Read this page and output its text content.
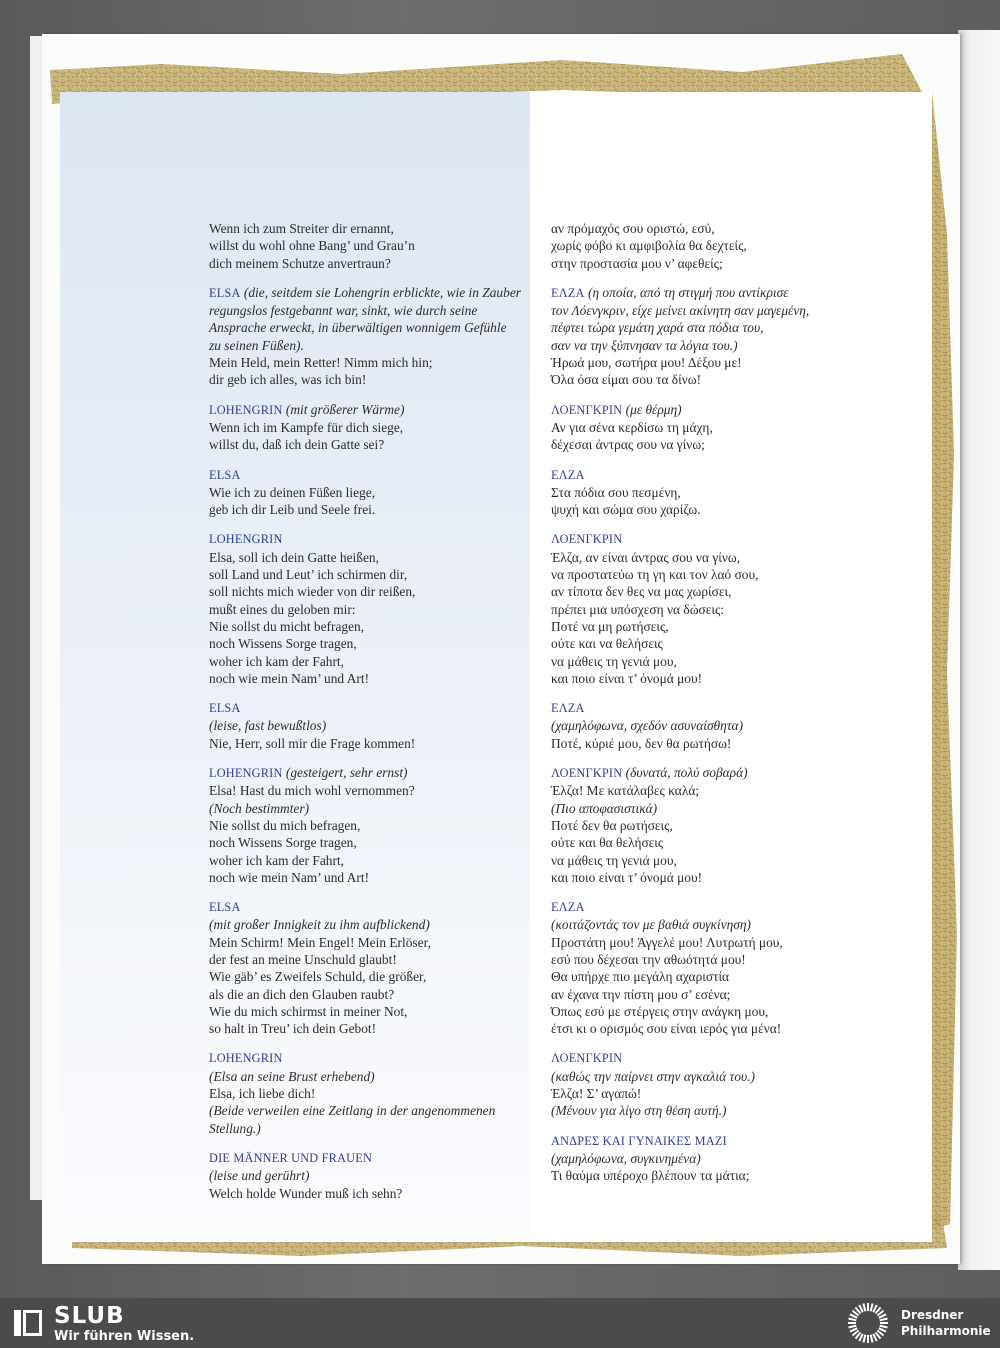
Wenn ich zum Streiter dir ernannt,
willst du wohl ohne Bang’ und Grau’n
dich meinem Schutze anvertraun?
ELSA (die, seitdem sie Lohengrin erblickte, wie in Zauber
regungslos festgebannt war, sinkt, wie durch seine
Ansprache erweckt, in überwältigen wonnigem Gefühle
zu seinen Füßen).
Mein Held, mein Retter! Nimm mich hin;
dir geb ich alles, was ich bin!
LOHENGRIN (mit größerer Wärme)
Wenn ich im Kampfe für dich siege,
willst du, daß ich dein Gatte sei?
ELSA
Wie ich zu deinen Füßen liege,
geb ich dir Leib und Seele frei.
LOHENGRIN
Elsa, soll ich dein Gatte heißen,
soll Land und Leut’ ich schirmen dir,
soll nichts mich wieder von dir reißen,
mußt eines du geloben mir:
Nie sollst du micht befragen,
noch Wissens Sorge tragen,
woher ich kam der Fahrt,
noch wie mein Nam’ und Art!
ELSA
(leise, fast bewußtlos)
Nie, Herr, soll mir die Frage kommen!
LOHENGRIN (gesteigert, sehr ernst)
Elsa! Hast du mich wohl vernommen?
(Noch bestimmter)
Nie sollst du mich befragen,
noch Wissens Sorge tragen,
woher ich kam der Fahrt,
noch wie mein Nam’ und Art!
ELSA
(mit großer Innigkeit zu ihm aufblickend)
Mein Schirm! Mein Engel! Mein Erlöser,
der fest an meine Unschuld glaubt!
Wie gäb’ es Zweifels Schuld, die größer,
als die an dich den Glauben raubt?
Wie du mich schirmst in meiner Not,
so halt in Treu’ ich dein Gebot!
LOHENGRIN
(Elsa an seine Brust erhebend)
Elsa, ich liebe dich!
(Beide verweilen eine Zeitlang in der angenommenen
Stellung.)
DIE MÄNNER UND FRAUEN
(leise und gerührt)
Welch holde Wunder muß ich sehn?
αν πρόμαχός σου οριστώ, εσύ,
χωρίς φόβο κι αμφιβολία θα δεχτείς,
στην προστασία μου ν’ αφεθείς;
ΕΛΖΑ (η οποία, από τη στιγμή που αντίκρισε
τον Λόενγκριν, είχε μείνει ακίνητη σαν μαγεμένη,
πέφτει τώρα γεμάτη χαρά στα πόδια του,
σαν να την ξύπνησαν τα λόγια του.)
Ήρωά μου, σωτήρα μου! Δέξου με!
Όλα όσα είμαι σου τα δίνω!
ΛΟΕΝΓΚΡΙΝ (με θέρμη)
Αν για σένα κερδίσω τη μάχη,
δέχεσαι άντρας σου να γίνω;
ΕΛΖΑ
Στα πόδια σου πεσμένη,
ψυχή και σώμα σου χαρίζω.
ΛΟΕΝΓΚΡΙΝ
Έλζα, αν είναι άντρας σου να γίνω,
να προστατεύω τη γη και τον λαό σου,
αν τίποτα δεν θες να μας χωρίσει,
πρέπει μια υπόσχεση να δώσεις:
Ποτέ να μη ρωτήσεις,
ούτε και να θελήσεις
να μάθεις τη γενιά μου,
και ποιο είναι τ’ όνομά μου!
ΕΛΖΑ
(χαμηλόφωνα, σχεδόν ασυναίσθητα)
Ποτέ, κύριέ μου, δεν θα ρωτήσω!
ΛΟΕΝΓΚΡΙΝ (δυνατά, πολύ σοβαρά)
Έλζα! Με κατάλαβες καλά;
(Πιο αποφασιστικά)
Ποτέ δεν θα ρωτήσεις,
ούτε και θα θελήσεις
να μάθεις τη γενιά μου,
και ποιο είναι τ’ όνομά μου!
ΕΛΖΑ
(κοιτάζοντάς τον με βαθιά συγκίνηση)
Προστάτη μου! Άγγελέ μου! Λυτρωτή μου,
εσύ που δέχεσαι την αθωότητά μου!
Θα υπήρχε πιο μεγάλη αχαριστία
αν έχανα την πίστη μου σ’ εσένα;
Όπως εσύ με στέργεις στην ανάγκη μου,
έτσι κι ο ορισμός σου είναι ιερός για μένα!
ΛΟΕΝΓΚΡΙΝ
(καθώς την παίρνει στην αγκαλιά του.)
Έλζα! Σ’ αγαπώ!
(Μένουν για λίγο στη θέση αυτή.)
ΑΝΔΡΕΣ ΚΑΙ ΓΥΝΑΙΚΕΣ ΜΑΖΙ
(χαμηλόφωνα, συγκινημένα)
Τι θαύμα υπέροχο βλέπουν τα μάτια;
SLUB
Wir führen Wissen.
Dresdner
Philharmonie
